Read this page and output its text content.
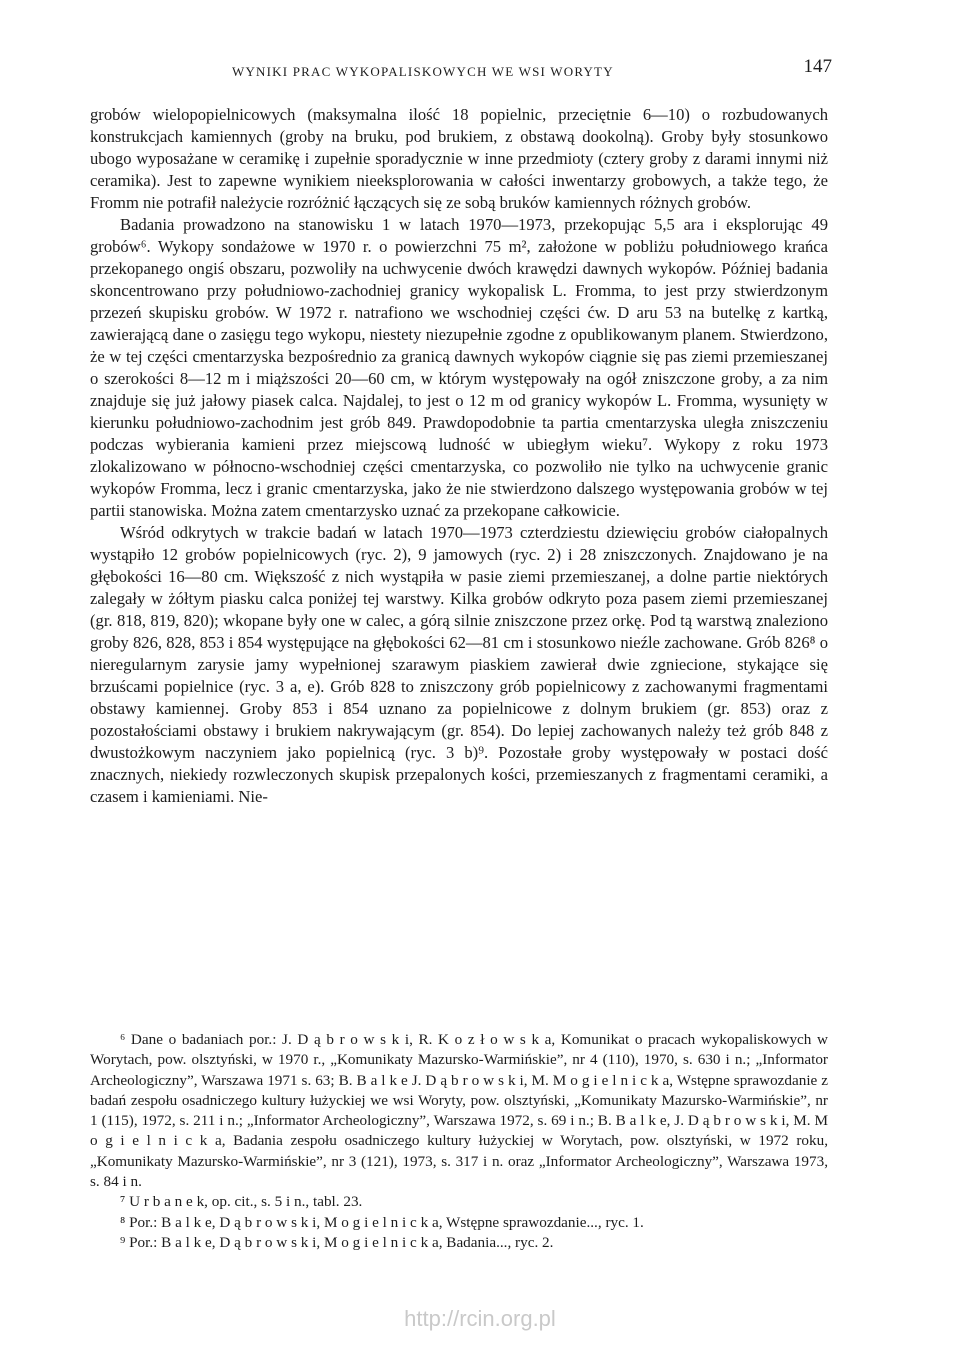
WYNIKI PRAC WYKOPALISKOWYCH WE WSI WORYTY	147

grobów wielopopielnicowych (maksymalna ilość 18 popielnic, przeciętnie 6—10) o rozbudowanych konstrukcjach kamiennych (groby na bruku, pod brukiem, z obstawą dookolną). Groby były stosunkowo ubogo wyposażane w ceramikę i zupełnie sporadycznie w inne przedmioty (cztery groby z darami innymi niż ceramika). Jest to zapewne wynikiem nieeksplorowania w całości inwentarzy grobowych, a także tego, że Fromm nie potrafił należycie rozróżnić łączących się ze sobą bruków kamiennych różnych grobów.

Badania prowadzono na stanowisku 1 w latach 1970—1973, przekopując 5,5 ara i eksplorując 49 grobów⁶. Wykopy sondażowe w 1970 r. o powierzchni 75 m², założone w pobliżu południowego krańca przekopanego ongiś obszaru, pozwoliły na uchwycenie dwóch krawędzi dawnych wykopów. Później badania skoncentrowano przy południowo-zachodniej granicy wykopalisk L. Fromma, to jest przy stwierdzonym przezeń skupisku grobów. W 1972 r. natrafiono we wschodniej części ćw. D aru 53 na butelkę z kartką, zawierającą dane o zasięgu tego wykopu, niestety niezupełnie zgodne z opublikowanym planem. Stwierdzono, że w tej części cmentarzyska bezpośrednio za granicą dawnych wykopów ciągnie się pas ziemi przemieszanej o szerokości 8—12 m i miąższości 20—60 cm, w którym występowały na ogół zniszczone groby, a za nim znajduje się już jałowy piasek calca. Najdalej, to jest o 12 m od granicy wykopów L. Fromma, wysunięty w kierunku południowo-zachodnim jest grób 849. Prawdopodobnie ta partia cmentarzyska uległa zniszczeniu podczas wybierania kamieni przez miejscową ludność w ubiegłym wieku⁷. Wykopy z roku 1973 zlokalizowano w północno-wschodniej części cmentarzyska, co pozwoliło nie tylko na uchwycenie granic wykopów Fromma, lecz i granic cmentarzyska, jako że nie stwierdzono dalszego występowania grobów w tej partii stanowiska. Można zatem cmentarzysko uznać za przekopane całkowicie.

Wśród odkrytych w trakcie badań w latach 1970—1973 czterdziestu dziewięciu grobów ciałopalnych wystąpiło 12 grobów popielnicowych (ryc. 2), 9 jamowych (ryc. 2) i 28 zniszczonych. Znajdowano je na głębokości 16—80 cm. Większość z nich wystąpiła w pasie ziemi przemieszanej, a dolne partie niektórych zalegały w żółtym piasku calca poniżej tej warstwy. Kilka grobów odkryto poza pasem ziemi przemieszanej (gr. 818, 819, 820); wkopane były one w calec, a górą silnie zniszczone przez orkę. Pod tą warstwą znaleziono groby 826, 828, 853 i 854 występujące na głębokości 62—81 cm i stosunkowo nieźle zachowane. Grób 826⁸ o nieregularnym zarysie jamy wypełnionej szarawym piaskiem zawierał dwie zgniecione, stykające się brzuścami popielnice (ryc. 3 a, e). Grób 828 to zniszczony grób popielnicowy z zachowanymi fragmentami obstawy kamiennej. Groby 853 i 854 uznano za popielnicowe z dolnym brukiem (gr. 853) oraz z pozostałościami obstawy i brukiem nakrywającym (gr. 854). Do lepiej zachowanych należy też grób 848 z dwustożkowym naczyniem jako popielnicą (ryc. 3 b)⁹. Pozostałe groby występowały w postaci dość znacznych, niekiedy rozwleczonych skupisk przepalonych kości, przemieszanych z fragmentami ceramiki, a czasem i kamieniami. Nie-

⁶ Dane o badaniach por.: J. D ą b r o w s k i, R. K o z ł o w s k a, Komunikat o pracach wykopaliskowych w Worytach, pow. olsztyński, w 1970 r., „Komunikaty Mazursko-Warmińskie”, nr 4 (110), 1970, s. 630 i n.; „Informator Archeologiczny”, Warszawa 1971 s. 63; B. B a l k e J. D ą b r o w s k i, M. M o g i e l n i c k a, Wstępne sprawozdanie z badań zespołu osadniczego kultury łużyckiej we wsi Woryty, pow. olsztyński, „Komunikaty Mazursko-Warmińskie”, nr 1 (115), 1972, s. 211 i n.; „Informator Archeologiczny”, Warszawa 1972, s. 69 i n.; B. B a l k e, J. D ą b r o w s k i, M. M o g i e l n i c k a, Badania zespołu osadniczego kultury łużyckiej w Worytach, pow. olsztyński, w 1972 roku, „Komunikaty Mazursko-Warmińskie”, nr 3 (121), 1973, s. 317 i n. oraz „Informator Archeologiczny”, Warszawa 1973, s. 84 i n.

⁷ U r b a n e k, op. cit., s. 5 i n., tabl. 23.

⁸ Por.: B a l k e, D ą b r o w s k i, M o g i e l n i c k a, Wstępne sprawozdanie..., ryc. 1.

⁹ Por.: B a l k e, D ą b r o w s k i, M o g i e l n i c k a, Badania..., ryc. 2.

http://rcin.org.pl
